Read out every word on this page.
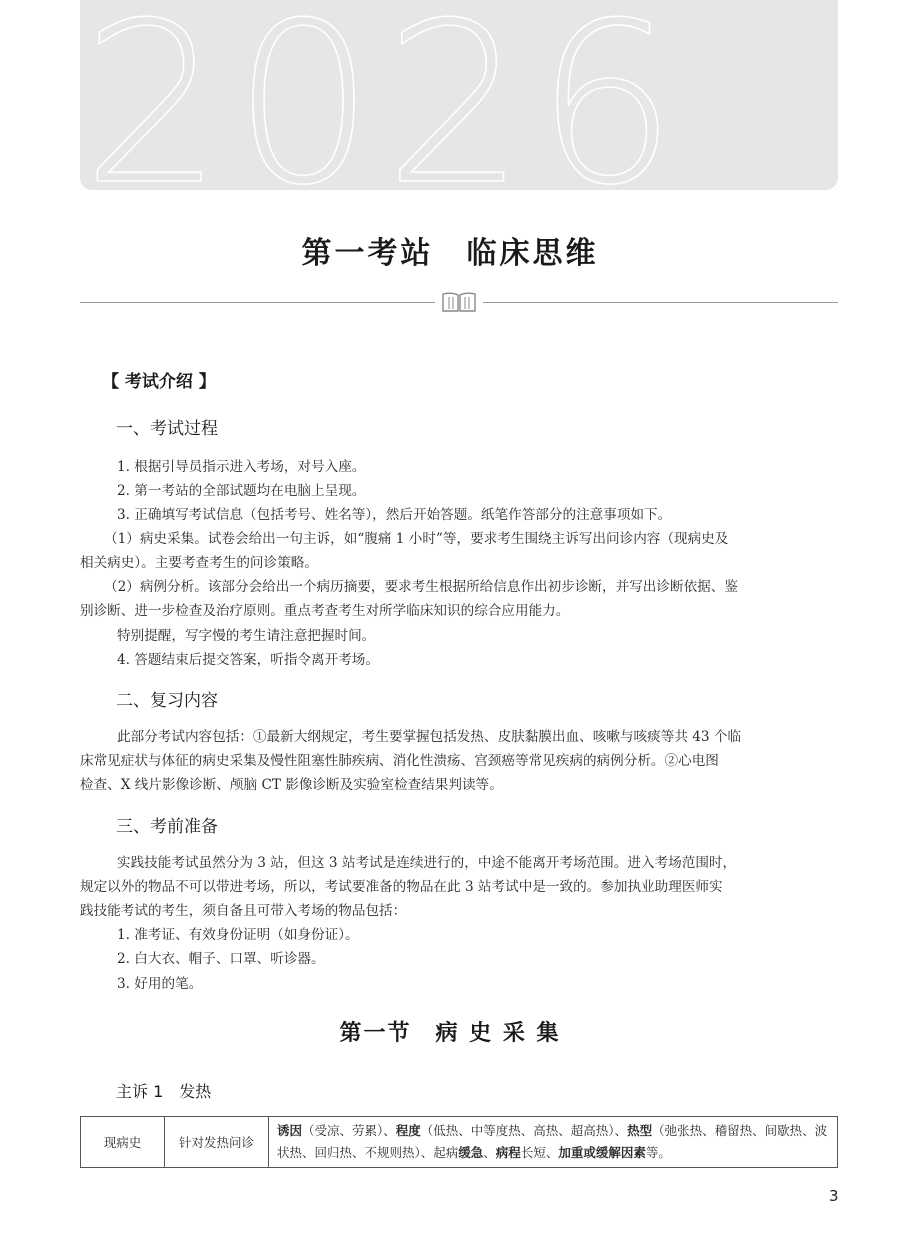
2026
第一考站　临床思维
【 考试介绍 】
一、考试过程
1. 根据引导员指示进入考场，对号入座。
2. 第一考站的全部试题均在电脑上呈现。
3. 正确填写考试信息（包括考号、姓名等），然后开始答题。纸笔作答部分的注意事项如下。
（1）病史采集。试卷会给出一句主诉，如“腹痛 1 小时”等，要求考生围绕主诉写出问诊内容（现病史及
相关病史）。主要考查考生的问诊策略。
（2）病例分析。该部分会给出一个病历摘要，要求考生根据所给信息作出初步诊断，并写出诊断依据、鉴
别诊断、进一步检查及治疗原则。重点考查考生对所学临床知识的综合应用能力。
特别提醒，写字慢的考生请注意把握时间。
4. 答题结束后提交答案，听指令离开考场。
二、复习内容
此部分考试内容包括：①最新大纲规定，考生要掌握包括发热、皮肤黏膜出血、咳嗽与咳痰等共 43 个临
床常见症状与体征的病史采集及慢性阻塞性肺疾病、消化性溃疡、宫颈癌等常见疾病的病例分析。②心电图
检查、X 线片影像诊断、颅脑 CT 影像诊断及实验室检查结果判读等。
三、考前准备
实践技能考试虽然分为 3 站，但这 3 站考试是连续进行的，中途不能离开考场范围。进入考场范围时，
规定以外的物品不可以带进考场，所以，考试要准备的物品在此 3 站考试中是一致的。参加执业助理医师实
践技能考试的考生，须自备且可带入考场的物品包括：
1. 准考证、有效身份证明（如身份证）。
2. 白大衣、帽子、口罩、听诊器。
3. 好用的笔。
第一节　病 史 采 集
主诉 1　发热
现病史	针对发热问诊	诱因（受凉、劳累）、程度（低热、中等度热、高热、超高热）、热型（弛张热、稽留热、间歇热、波状热、回归热、不规则热）、起病缓急、病程长短、加重或缓解因素等。
3
